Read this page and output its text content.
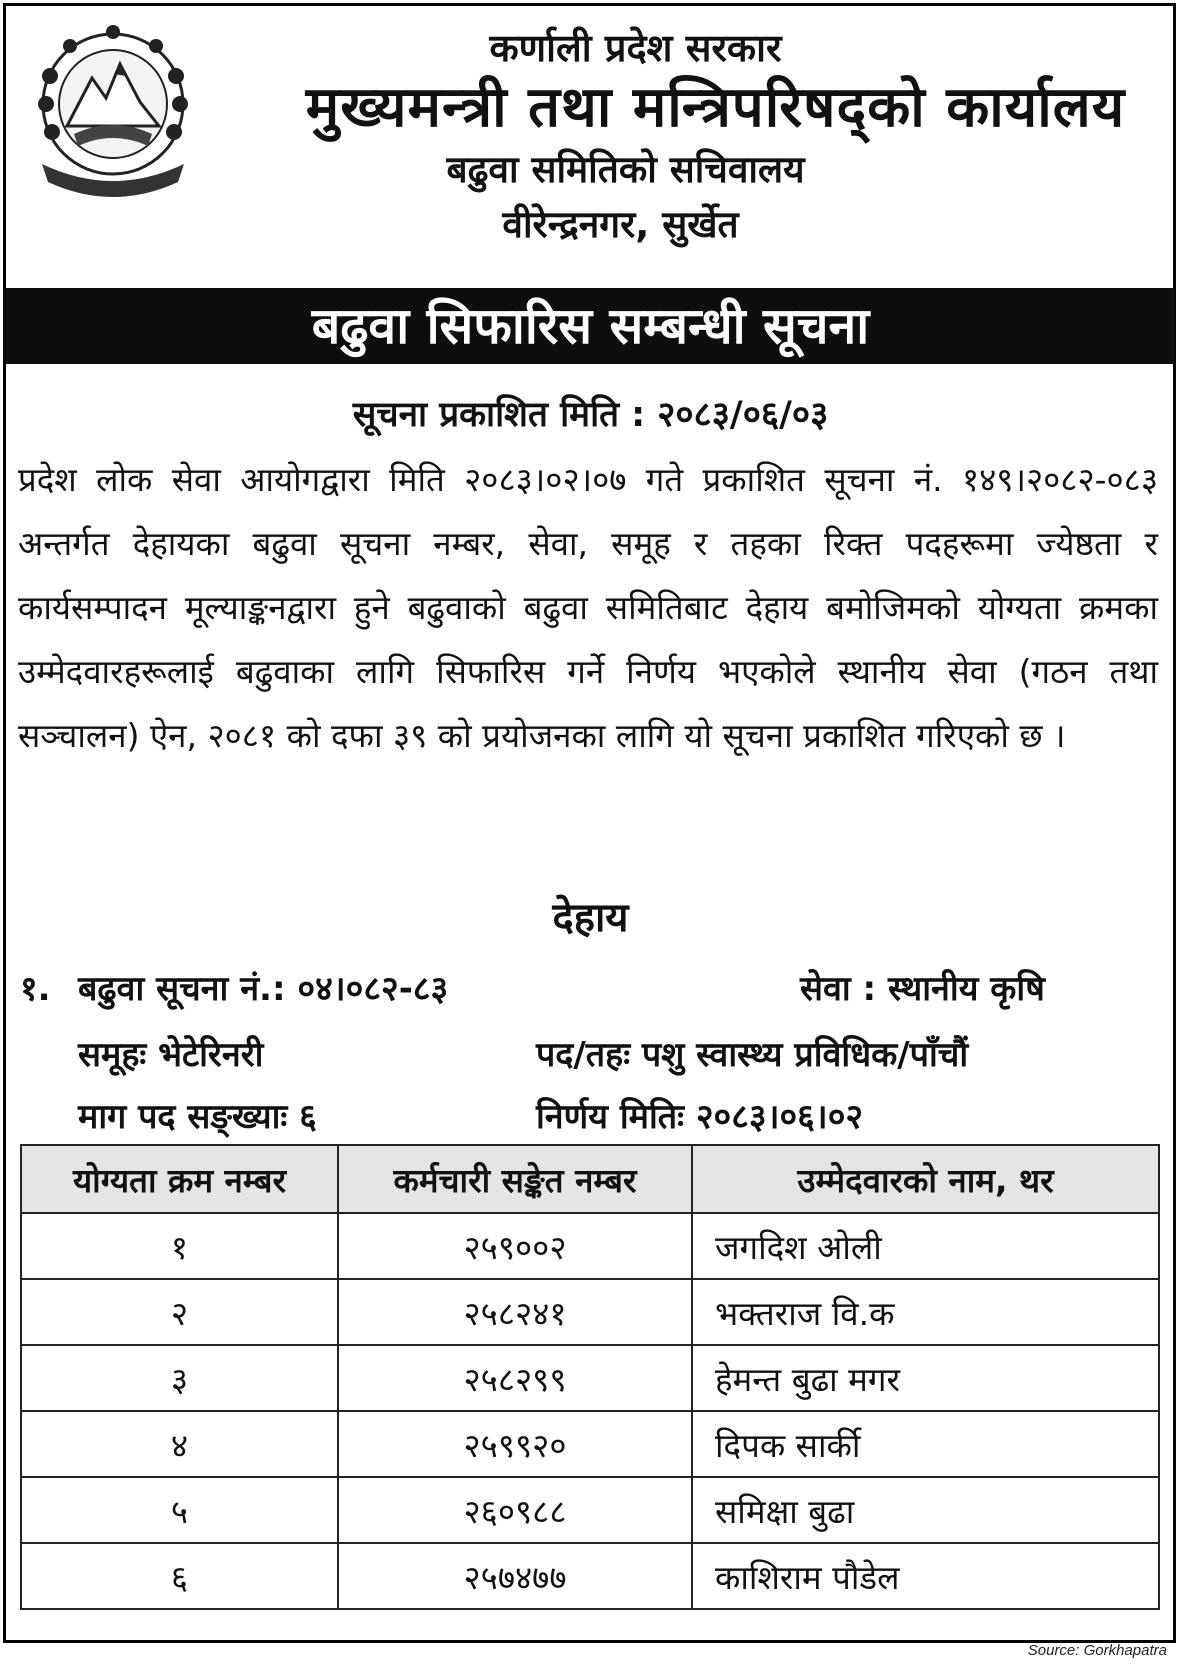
कर्णाली प्रदेश सरकार
मुख्यमन्त्री तथा मन्त्रिपरिषद्को कार्यालय
बढुवा समितिको सचिवालय
वीरेन्द्रनगर, सुर्खेत
बढुवा सिफारिस सम्बन्धी सूचना
सूचना प्रकाशित मिति : २०८३/०६/०३
प्रदेश लोक सेवा आयोगद्वारा मिति २०८३।०२।०७ गते प्रकाशित सूचना नं. १४९।२०८२-०८३ अन्तर्गत देहायका बढुवा सूचना नम्बर, सेवा, समूह र तहका रिक्त पदहरूमा ज्येष्ठता र कार्यसम्पादन मूल्याङ्कनद्वारा हुने बढुवाको बढुवा समितिबाट देहाय बमोजिमको योग्यता क्रमका उम्मेदवारहरूलाई बढुवाका लागि सिफारिस गर्ने निर्णय भएकोले स्थानीय सेवा (गठन तथा सञ्चालन) ऐन, २०८१ को दफा ३९ को प्रयोजनका लागि यो सूचना प्रकाशित गरिएको छ ।
देहाय
१. बढुवा सूचना नं.: ०४।०८२-८३	सेवा : स्थानीय कृषि
समूहः भेटेरिनरी	पद/तहः पशु स्वास्थ्य प्रविधिक/पाँचौं
माग पद सङ्ख्याः ६	निर्णय मितिः २०८३।०६।०२
योग्यता क्रम नम्बर	कर्मचारी सङ्केत नम्बर	उम्मेदवारको नाम, थर
१	२५९००२	जगदिश ओली
२	२५८२४१	भक्तराज वि.क
३	२५८२९९	हेमन्त बुढा मगर
४	२५९९२०	दिपक सार्की
५	२६०९८८	समिक्षा बुढा
६	२५७४७७	काशिराम पौडेल
Source: Gorkhapatra
